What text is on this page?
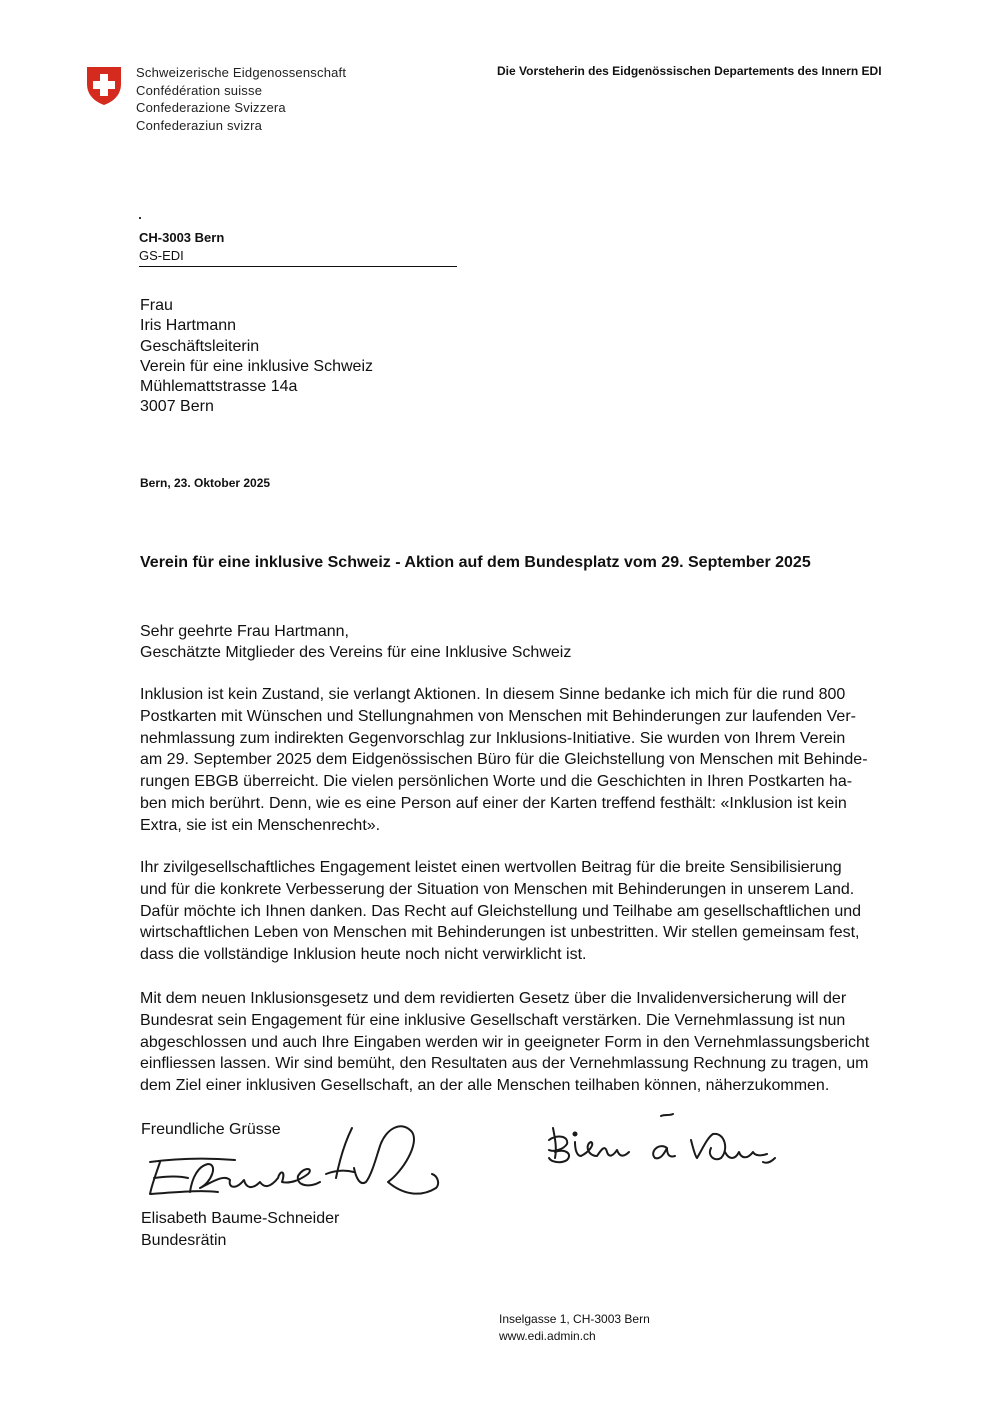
Schweizerische Eidgenossenschaft
Confédération suisse
Confederazione Svizzera
Confederaziun svizra
Die Vorsteherin des Eidgenössischen Departements des Innern EDI
CH-3003 Bern
GS-EDI
Frau
Iris Hartmann
Geschäftsleiterin
Verein für eine inklusive Schweiz
Mühlemattstrasse 14a
3007 Bern
Bern, 23. Oktober 2025
Verein für eine inklusive Schweiz - Aktion auf dem Bundesplatz vom 29. September 2025
Sehr geehrte Frau Hartmann,
Geschätzte Mitglieder des Vereins für eine Inklusive Schweiz
Inklusion ist kein Zustand, sie verlangt Aktionen. In diesem Sinne bedanke ich mich für die rund 800
Postkarten mit Wünschen und Stellungnahmen von Menschen mit Behinderungen zur laufenden Ver-
nehmlassung zum indirekten Gegenvorschlag zur Inklusions-Initiative. Sie wurden von Ihrem Verein
am 29. September 2025 dem Eidgenössischen Büro für die Gleichstellung von Menschen mit Behinde-
rungen EBGB überreicht. Die vielen persönlichen Worte und die Geschichten in Ihren Postkarten ha-
ben mich berührt. Denn, wie es eine Person auf einer der Karten treffend festhält: «Inklusion ist kein
Extra, sie ist ein Menschenrecht».
Ihr zivilgesellschaftliches Engagement leistet einen wertvollen Beitrag für die breite Sensibilisierung
und für die konkrete Verbesserung der Situation von Menschen mit Behinderungen in unserem Land.
Dafür möchte ich Ihnen danken. Das Recht auf Gleichstellung und Teilhabe am gesellschaftlichen und
wirtschaftlichen Leben von Menschen mit Behinderungen ist unbestritten. Wir stellen gemeinsam fest,
dass die vollständige Inklusion heute noch nicht verwirklicht ist.
Mit dem neuen Inklusionsgesetz und dem revidierten Gesetz über die Invalidenversicherung will der
Bundesrat sein Engagement für eine inklusive Gesellschaft verstärken. Die Vernehmlassung ist nun
abgeschlossen und auch Ihre Eingaben werden wir in geeigneter Form in den Vernehmlassungsbericht
einfliessen lassen. Wir sind bemüht, den Resultaten aus der Vernehmlassung Rechnung zu tragen, um
dem Ziel einer inklusiven Gesellschaft, an der alle Menschen teilhaben können, näherzukommen.
Freundliche Grüsse
Elisabeth Baume-Schneider
Bundesrätin
Inselgasse 1, CH-3003 Bern
www.edi.admin.ch
